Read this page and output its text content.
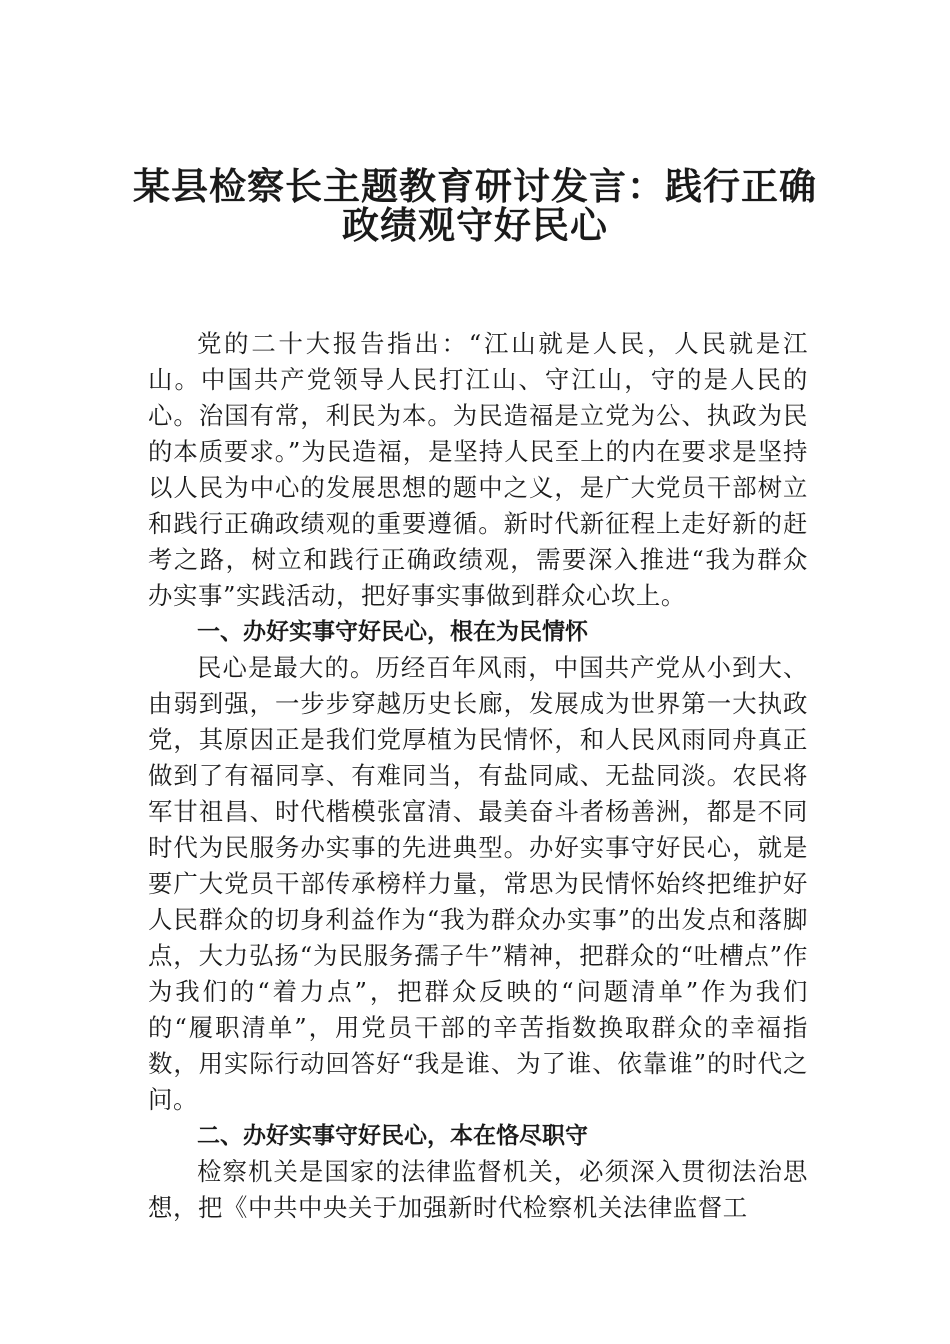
某县检察长主题教育研讨发言：践行正确
政绩观守好民心

党的二十大报告指出：“江山就是人民，人民就是江山。中国共产党领导人民打江山、守江山，守的是人民的心。治国有常，利民为本。为民造福是立党为公、执政为民的本质要求。”为民造福，是坚持人民至上的内在要求是坚持以人民为中心的发展思想的题中之义，是广大党员干部树立和践行正确政绩观的重要遵循。新时代新征程上走好新的赶考之路，树立和践行正确政绩观，需要深入推进“我为群众办实事”实践活动，把好事实事做到群众心坎上。

一、办好实事守好民心，根在为民情怀

民心是最大的。历经百年风雨，中国共产党从小到大、由弱到强，一步步穿越历史长廊，发展成为世界第一大执政党，其原因正是我们党厚植为民情怀，和人民风雨同舟真正做到了有福同享、有难同当，有盐同咸、无盐同淡。农民将军甘祖昌、时代楷模张富清、最美奋斗者杨善洲，都是不同时代为民服务办实事的先进典型。办好实事守好民心，就是要广大党员干部传承榜样力量，常思为民情怀始终把维护好人民群众的切身利益作为“我为群众办实事”的出发点和落脚点，大力弘扬“为民服务孺子牛”精神，把群众的“吐槽点”作为我们的“着力点”，把群众反映的“问题清单”作为我们的“履职清单”，用党员干部的辛苦指数换取群众的幸福指数，用实际行动回答好“我是谁、为了谁、依靠谁”的时代之问。

二、办好实事守好民心，本在恪尽职守

检察机关是国家的法律监督机关，必须深入贯彻法治思想，把《中共中央关于加强新时代检察机关法律监督工
